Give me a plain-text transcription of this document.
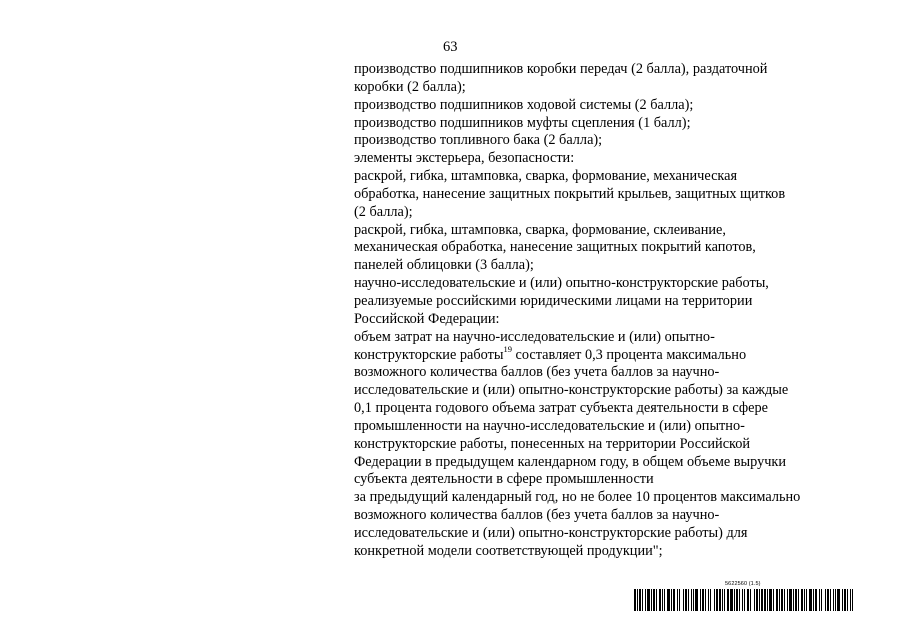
63
производство подшипников коробки передач (2 балла), раздаточной
коробки (2 балла);
производство подшипников ходовой системы (2 балла);
производство подшипников муфты сцепления (1 балл);
производство топливного бака (2 балла);
элементы экстерьера, безопасности:
раскрой, гибка, штамповка, сварка, формование, механическая
обработка, нанесение защитных покрытий крыльев, защитных щитков
(2 балла);
раскрой, гибка, штамповка, сварка, формование, склеивание,
механическая обработка, нанесение защитных покрытий капотов,
панелей облицовки (3 балла);
научно-исследовательские и (или) опытно-конструкторские работы,
реализуемые российскими юридическими лицами на территории
Российской Федерации:
объем затрат на научно-исследовательские и (или) опытно-
конструкторские работы$^{19}$ составляет 0,3 процента максимально
возможного количества баллов (без учета баллов за научно-
исследовательские и (или) опытно-конструкторские работы) за каждые
0,1 процента годового объема затрат субъекта деятельности в сфере
промышленности на научно-исследовательские и (или) опытно-
конструкторские работы, понесенных на территории Российской
Федерации в предыдущем календарном году, в общем объеме выручки
субъекта деятельности в сфере промышленности
за предыдущий календарный год, но не более 10 процентов максимально
возможного количества баллов (без учета баллов за научно-
исследовательские и (или) опытно-конструкторские работы) для
конкретной модели соответствующей продукции";
5622560 (1.5)
